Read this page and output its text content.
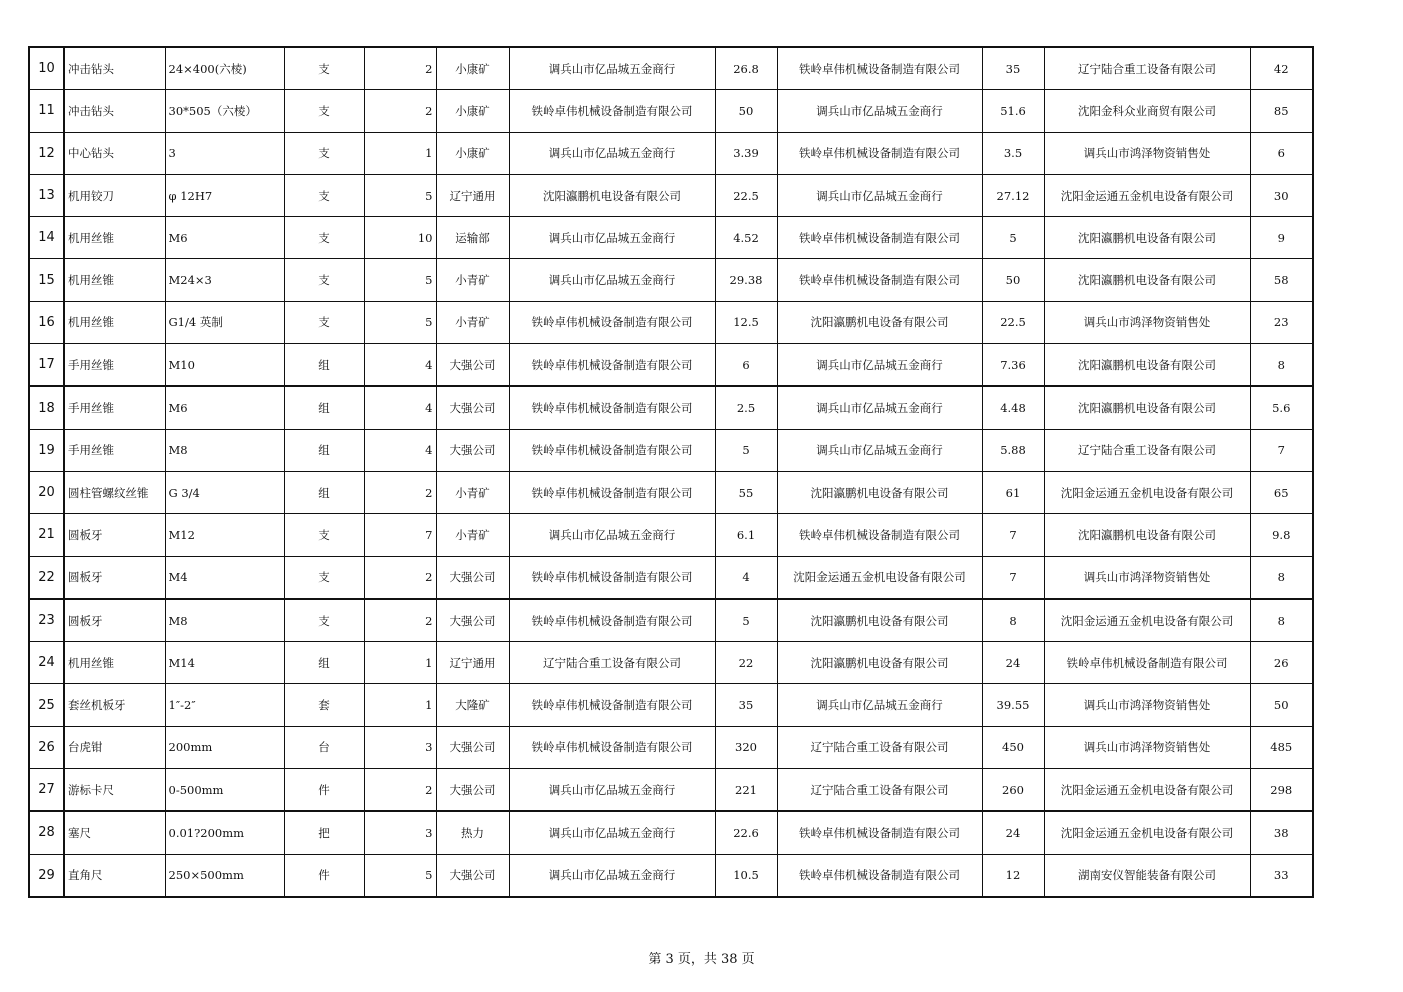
10	冲击钻头	24×400(六棱)	支	2	小康矿	调兵山市亿品城五金商行	26.8	铁岭卓伟机械设备制造有限公司	35	辽宁陆合重工设备有限公司	42
11	冲击钻头	30*505（六棱）	支	2	小康矿	铁岭卓伟机械设备制造有限公司	50	调兵山市亿品城五金商行	51.6	沈阳金科众业商贸有限公司	85
12	中心钻头	3	支	1	小康矿	调兵山市亿品城五金商行	3.39	铁岭卓伟机械设备制造有限公司	3.5	调兵山市鸿泽物资销售处	6
13	机用铰刀	φ 12H7	支	5	辽宁通用	沈阳瀛鹏机电设备有限公司	22.5	调兵山市亿品城五金商行	27.12	沈阳金运通五金机电设备有限公司	30
14	机用丝锥	M6	支	10	运输部	调兵山市亿品城五金商行	4.52	铁岭卓伟机械设备制造有限公司	5	沈阳瀛鹏机电设备有限公司	9
15	机用丝锥	M24×3	支	5	小青矿	调兵山市亿品城五金商行	29.38	铁岭卓伟机械设备制造有限公司	50	沈阳瀛鹏机电设备有限公司	58
16	机用丝锥	G1/4 英制	支	5	小青矿	铁岭卓伟机械设备制造有限公司	12.5	沈阳瀛鹏机电设备有限公司	22.5	调兵山市鸿泽物资销售处	23
17	手用丝锥	M10	组	4	大强公司	铁岭卓伟机械设备制造有限公司	6	调兵山市亿品城五金商行	7.36	沈阳瀛鹏机电设备有限公司	8
18	手用丝锥	M6	组	4	大强公司	铁岭卓伟机械设备制造有限公司	2.5	调兵山市亿品城五金商行	4.48	沈阳瀛鹏机电设备有限公司	5.6
19	手用丝锥	M8	组	4	大强公司	铁岭卓伟机械设备制造有限公司	5	调兵山市亿品城五金商行	5.88	辽宁陆合重工设备有限公司	7
20	圆柱管螺纹丝锥	G 3/4	组	2	小青矿	铁岭卓伟机械设备制造有限公司	55	沈阳瀛鹏机电设备有限公司	61	沈阳金运通五金机电设备有限公司	65
21	圆板牙	M12	支	7	小青矿	调兵山市亿品城五金商行	6.1	铁岭卓伟机械设备制造有限公司	7	沈阳瀛鹏机电设备有限公司	9.8
22	圆板牙	M4	支	2	大强公司	铁岭卓伟机械设备制造有限公司	4	沈阳金运通五金机电设备有限公司	7	调兵山市鸿泽物资销售处	8
23	圆板牙	M8	支	2	大强公司	铁岭卓伟机械设备制造有限公司	5	沈阳瀛鹏机电设备有限公司	8	沈阳金运通五金机电设备有限公司	8
24	机用丝锥	M14	组	1	辽宁通用	辽宁陆合重工设备有限公司	22	沈阳瀛鹏机电设备有限公司	24	铁岭卓伟机械设备制造有限公司	26
25	套丝机板牙	1″-2″	套	1	大隆矿	铁岭卓伟机械设备制造有限公司	35	调兵山市亿品城五金商行	39.55	调兵山市鸿泽物资销售处	50
26	台虎钳	200mm	台	3	大强公司	铁岭卓伟机械设备制造有限公司	320	辽宁陆合重工设备有限公司	450	调兵山市鸿泽物资销售处	485
27	游标卡尺	0-500mm	件	2	大强公司	调兵山市亿品城五金商行	221	辽宁陆合重工设备有限公司	260	沈阳金运通五金机电设备有限公司	298
28	塞尺	0.01?200mm	把	3	热力	调兵山市亿品城五金商行	22.6	铁岭卓伟机械设备制造有限公司	24	沈阳金运通五金机电设备有限公司	38
29	直角尺	250×500mm	件	5	大强公司	调兵山市亿品城五金商行	10.5	铁岭卓伟机械设备制造有限公司	12	湖南安仪智能装备有限公司	33
第 3 页，共 38 页
